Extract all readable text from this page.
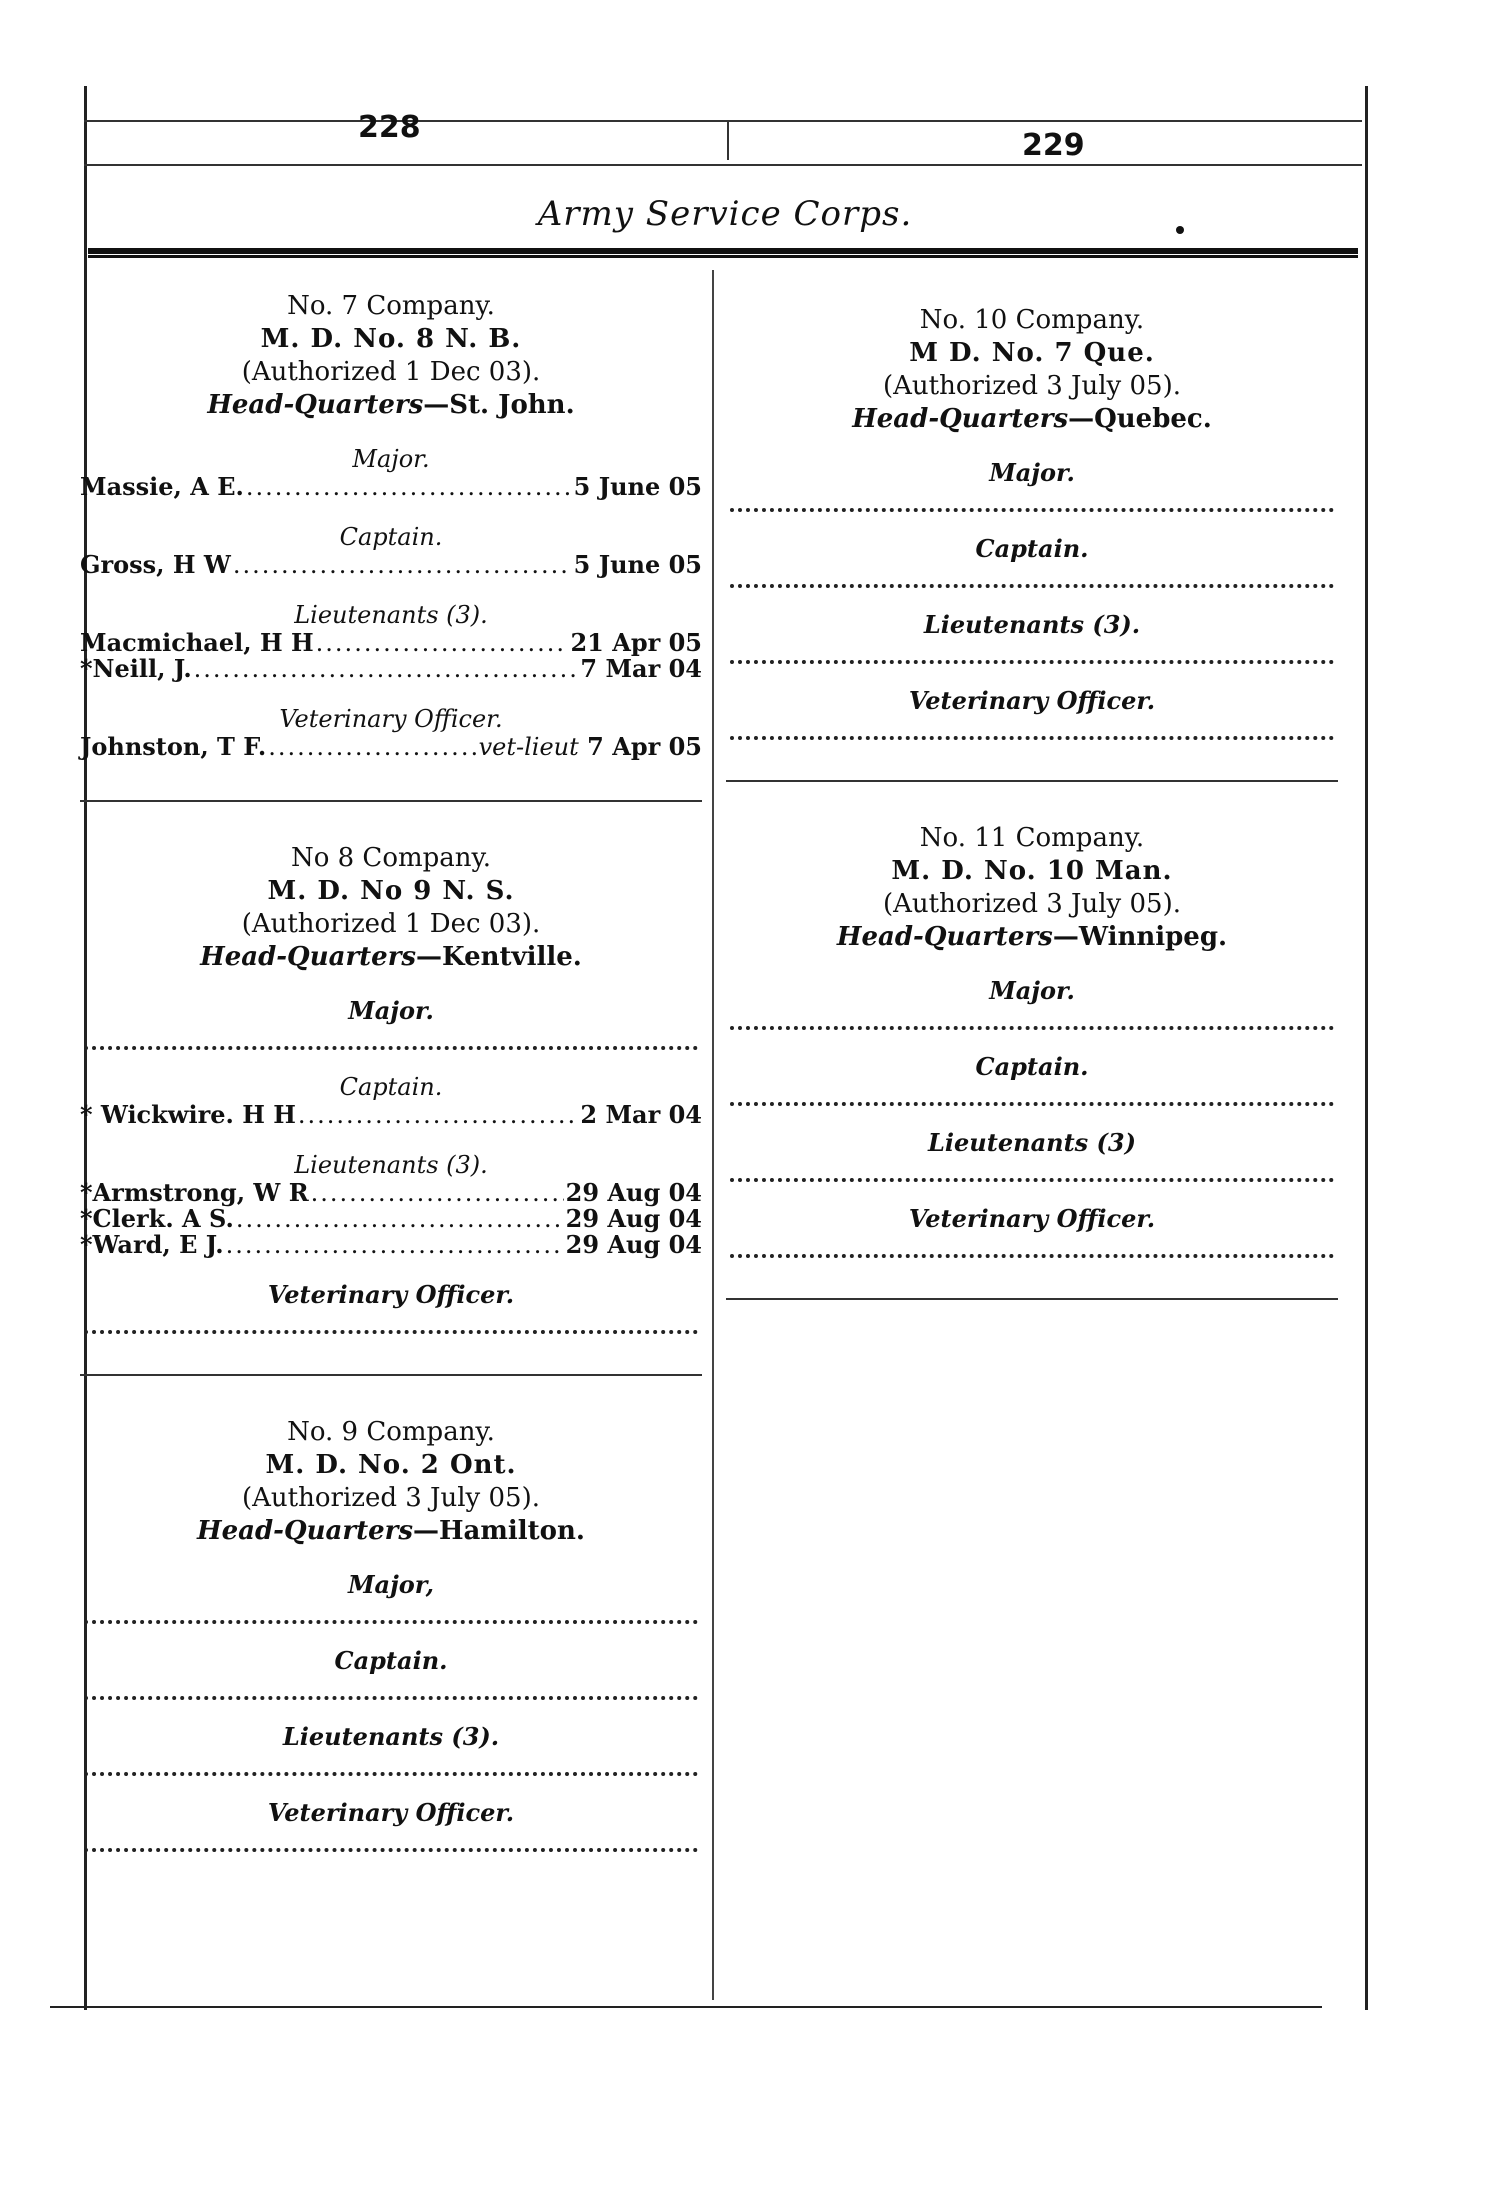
228
229
Army Service Corps.
No. 7 Company.
M. D. No. 8 N. B.
(Authorized 1 Dec 03).
Head-Quarters—St. John.
Major.
Massie, A E. .....	5 June 05
Captain.
Gross, H W .....	5 June 05
Lieutenants (3).
Macmichael, H H .....	21 Apr 05
*Neill, J. .....	7 Mar 04
Veterinary Officer.
Johnston, T F. .....	vet-lieut 7 Apr 05
No 8 Company.
M. D. No 9 N. S.
(Authorized 1 Dec 03).
Head-Quarters—Kentville.
Major.
Captain.
* Wickwire. H H .....	2 Mar 04
Lieutenants (3).
*Armstrong, W R .....	29 Aug 04
*Clerk. A S. .....	29 Aug 04
*Ward, E J. .....	29 Aug 04
Veterinary Officer.
No. 9 Company.
M. D. No. 2 Ont.
(Authorized 3 July 05).
Head-Quarters—Hamilton.
Major,
Captain.
Lieutenants (3).
Veterinary Officer.
No. 10 Company.
M D. No. 7 Que.
(Authorized 3 July 05).
Head-Quarters—Quebec.
Major.
Captain.
Lieutenants (3).
Veterinary Officer.
No. 11 Company.
M. D. No. 10 Man.
(Authorized 3 July 05).
Head-Quarters—Winnipeg.
Major.
Captain.
Lieutenants (3)
Veterinary Officer.
